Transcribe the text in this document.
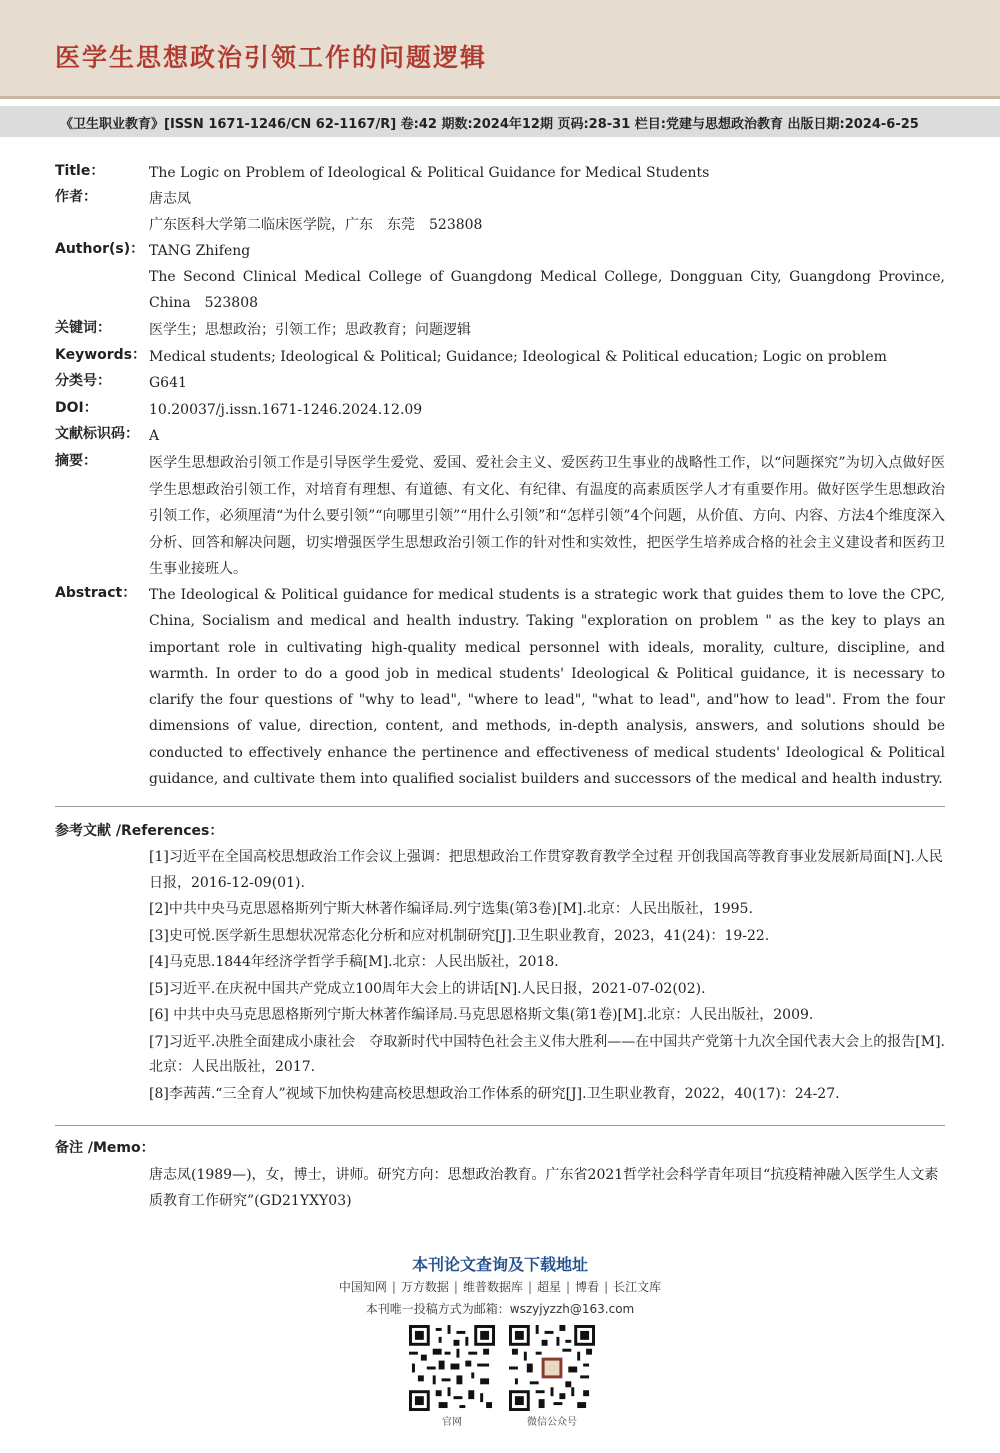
医学生思想政治引领工作的问题逻辑
《卫生职业教育》[ISSN 1671-1246/CN 62-1167/R] 卷:42 期数:2024年12期 页码:28-31 栏目:党建与思想政治教育 出版日期:2024-6-25
Title：	The Logic on Problem of Ideological & Political Guidance for Medical Students
作者：	唐志凤
广东医科大学第二临床医学院，广东　东莞　523808
Author(s)： TANG Zhifeng
The Second Clinical Medical College of Guangdong Medical College, Dongguan City, Guangdong Province, China　523808
关键词：	医学生；思想政治；引领工作；思政教育；问题逻辑
Keywords： Medical students; Ideological & Political; Guidance; Ideological & Political education; Logic on problem
分类号：	G641
DOI：	10.20037/j.issn.1671-1246.2024.12.09
文献标识码： A
摘要：	医学生思想政治引领工作是引导医学生爱党、爱国、爱社会主义、爱医药卫生事业的战略性工作，以“问题探究”为切入点做好医学生思想政治引领工作，对培育有理想、有道德、有文化、有纪律、有温度的高素质医学人才有重要作用。做好医学生思想政治引领工作，必须厘清“为什么要引领”“向哪里引领”“用什么引领”和“怎样引领”4个问题，从价值、方向、内容、方法4个维度深入分析、回答和解决问题，切实增强医学生思想政治引领工作的针对性和实效性，把医学生培养成合格的社会主义建设者和医药卫生事业接班人。
Abstract： The Ideological & Political guidance for medical students is a strategic work that guides them to love the CPC, China, Socialism and medical and health industry. Taking "exploration on problem " as the key to plays an important role in cultivating high-quality medical personnel with ideals, morality, culture, discipline, and warmth. In order to do a good job in medical students' Ideological & Political guidance, it is necessary to clarify the four questions of "why to lead", "where to lead", "what to lead", and"how to lead". From the four dimensions of value, direction, content, and methods, in-depth analysis, answers, and solutions should be conducted to effectively enhance the pertinence and effectiveness of medical students' Ideological & Political guidance, and cultivate them into qualified socialist builders and successors of the medical and health industry.
参考文献 /References：
[1]习近平在全国高校思想政治工作会议上强调：把思想政治工作贯穿教育教学全过程 开创我国高等教育事业发展新局面[N].人民日报，2016-12-09(01).
[2]中共中央马克思恩格斯列宁斯大林著作编译局.列宁选集(第3卷)[M].北京：人民出版社，1995.
[3]史可悦.医学新生思想状况常态化分析和应对机制研究[J].卫生职业教育，2023，41(24)：19-22.
[4]马克思.1844年经济学哲学手稿[M].北京：人民出版社，2018.
[5]习近平.在庆祝中国共产党成立100周年大会上的讲话[N].人民日报，2021-07-02(02).
[6] 中共中央马克思恩格斯列宁斯大林著作编译局.马克思恩格斯文集(第1卷)[M].北京：人民出版社，2009.
[7]习近平.决胜全面建成小康社会　夺取新时代中国特色社会主义伟大胜利——在中国共产党第十九次全国代表大会上的报告[M].北京：人民出版社，2017.
[8]李茜茜.“三全育人”视域下加快构建高校思想政治工作体系的研究[J].卫生职业教育，2022，40(17)：24-27.
备注 /Memo：
唐志凤(1989—)，女，博士，讲师。研究方向：思想政治教育。广东省2021哲学社会科学青年项目“抗疫精神融入医学生人文素质教育工作研究”(GD21YXY03)
本刊论文查询及下载地址
中国知网 | 万方数据 | 维普数据库 | 超星 | 博看 | 长江文库
本刊唯一投稿方式为邮箱：wszyjyzzh@163.com
官网	微信公众号
